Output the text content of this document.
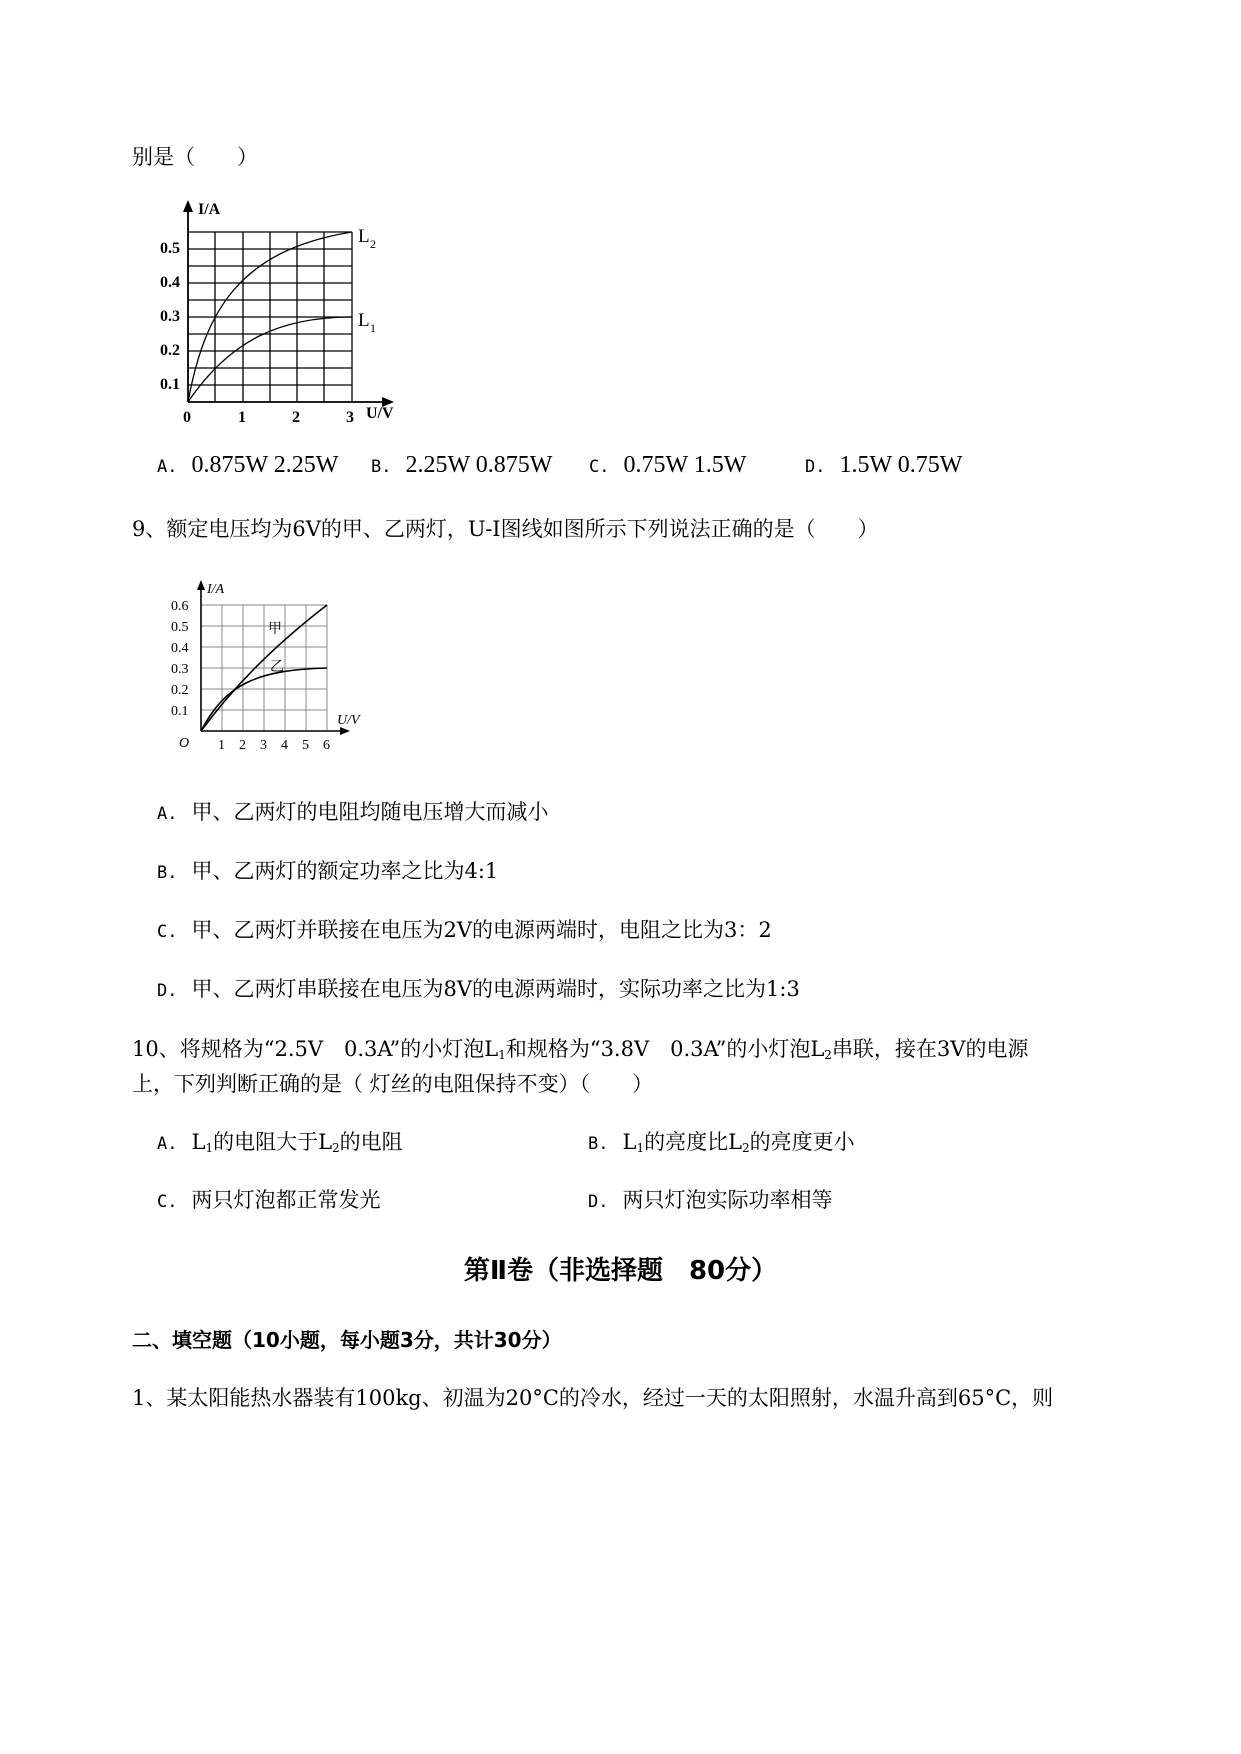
别是（　　）
I/A
U/V
0
0.1
0.2
0.3
0.4
0.5
1	2	3
L 2
L 1
A. 0.875W 2.25W B. 2.25W 0.875W C. 0.75W 1.5W	D. 1.5W 0.75W
9、额定电压均为6V的甲、乙两灯，U-I图线如图所示下列说法正确的是（　　）
I/A
U/V
O
0.1
0.2
0.3
0.4
0.5
0.6
1 2 3 4 5 6
甲
乙
A. 甲、乙两灯的电阻均随电压增大而减小
B. 甲、乙两灯的额定功率之比为4:1
C. 甲、乙两灯并联接在电压为2V的电源两端时，电阻之比为3：2
D. 甲、乙两灯串联接在电压为8V的电源两端时，实际功率之比为1:3
10、将规格为“2.5V　0.3A”的小灯泡$L_1$和规格为“3.8V　0.3A”的小灯泡$L_2$串联，接在3V的电源
上，下列判断正确的是（ 灯丝的电阻保持不变）（　　）
A. $L_1$的电阻大于$L_2$的电阻	B. $L_1$的亮度比$L_2$的亮度更小
C. 两只灯泡都正常发光	D. 两只灯泡实际功率相等
第Ⅱ卷（非选择题　80分）
二、填空题（10小题，每小题3分，共计30分）
1、某太阳能热水器装有100kg、初温为20°C的冷水，经过一天的太阳照射，水温升高到65°C，则
